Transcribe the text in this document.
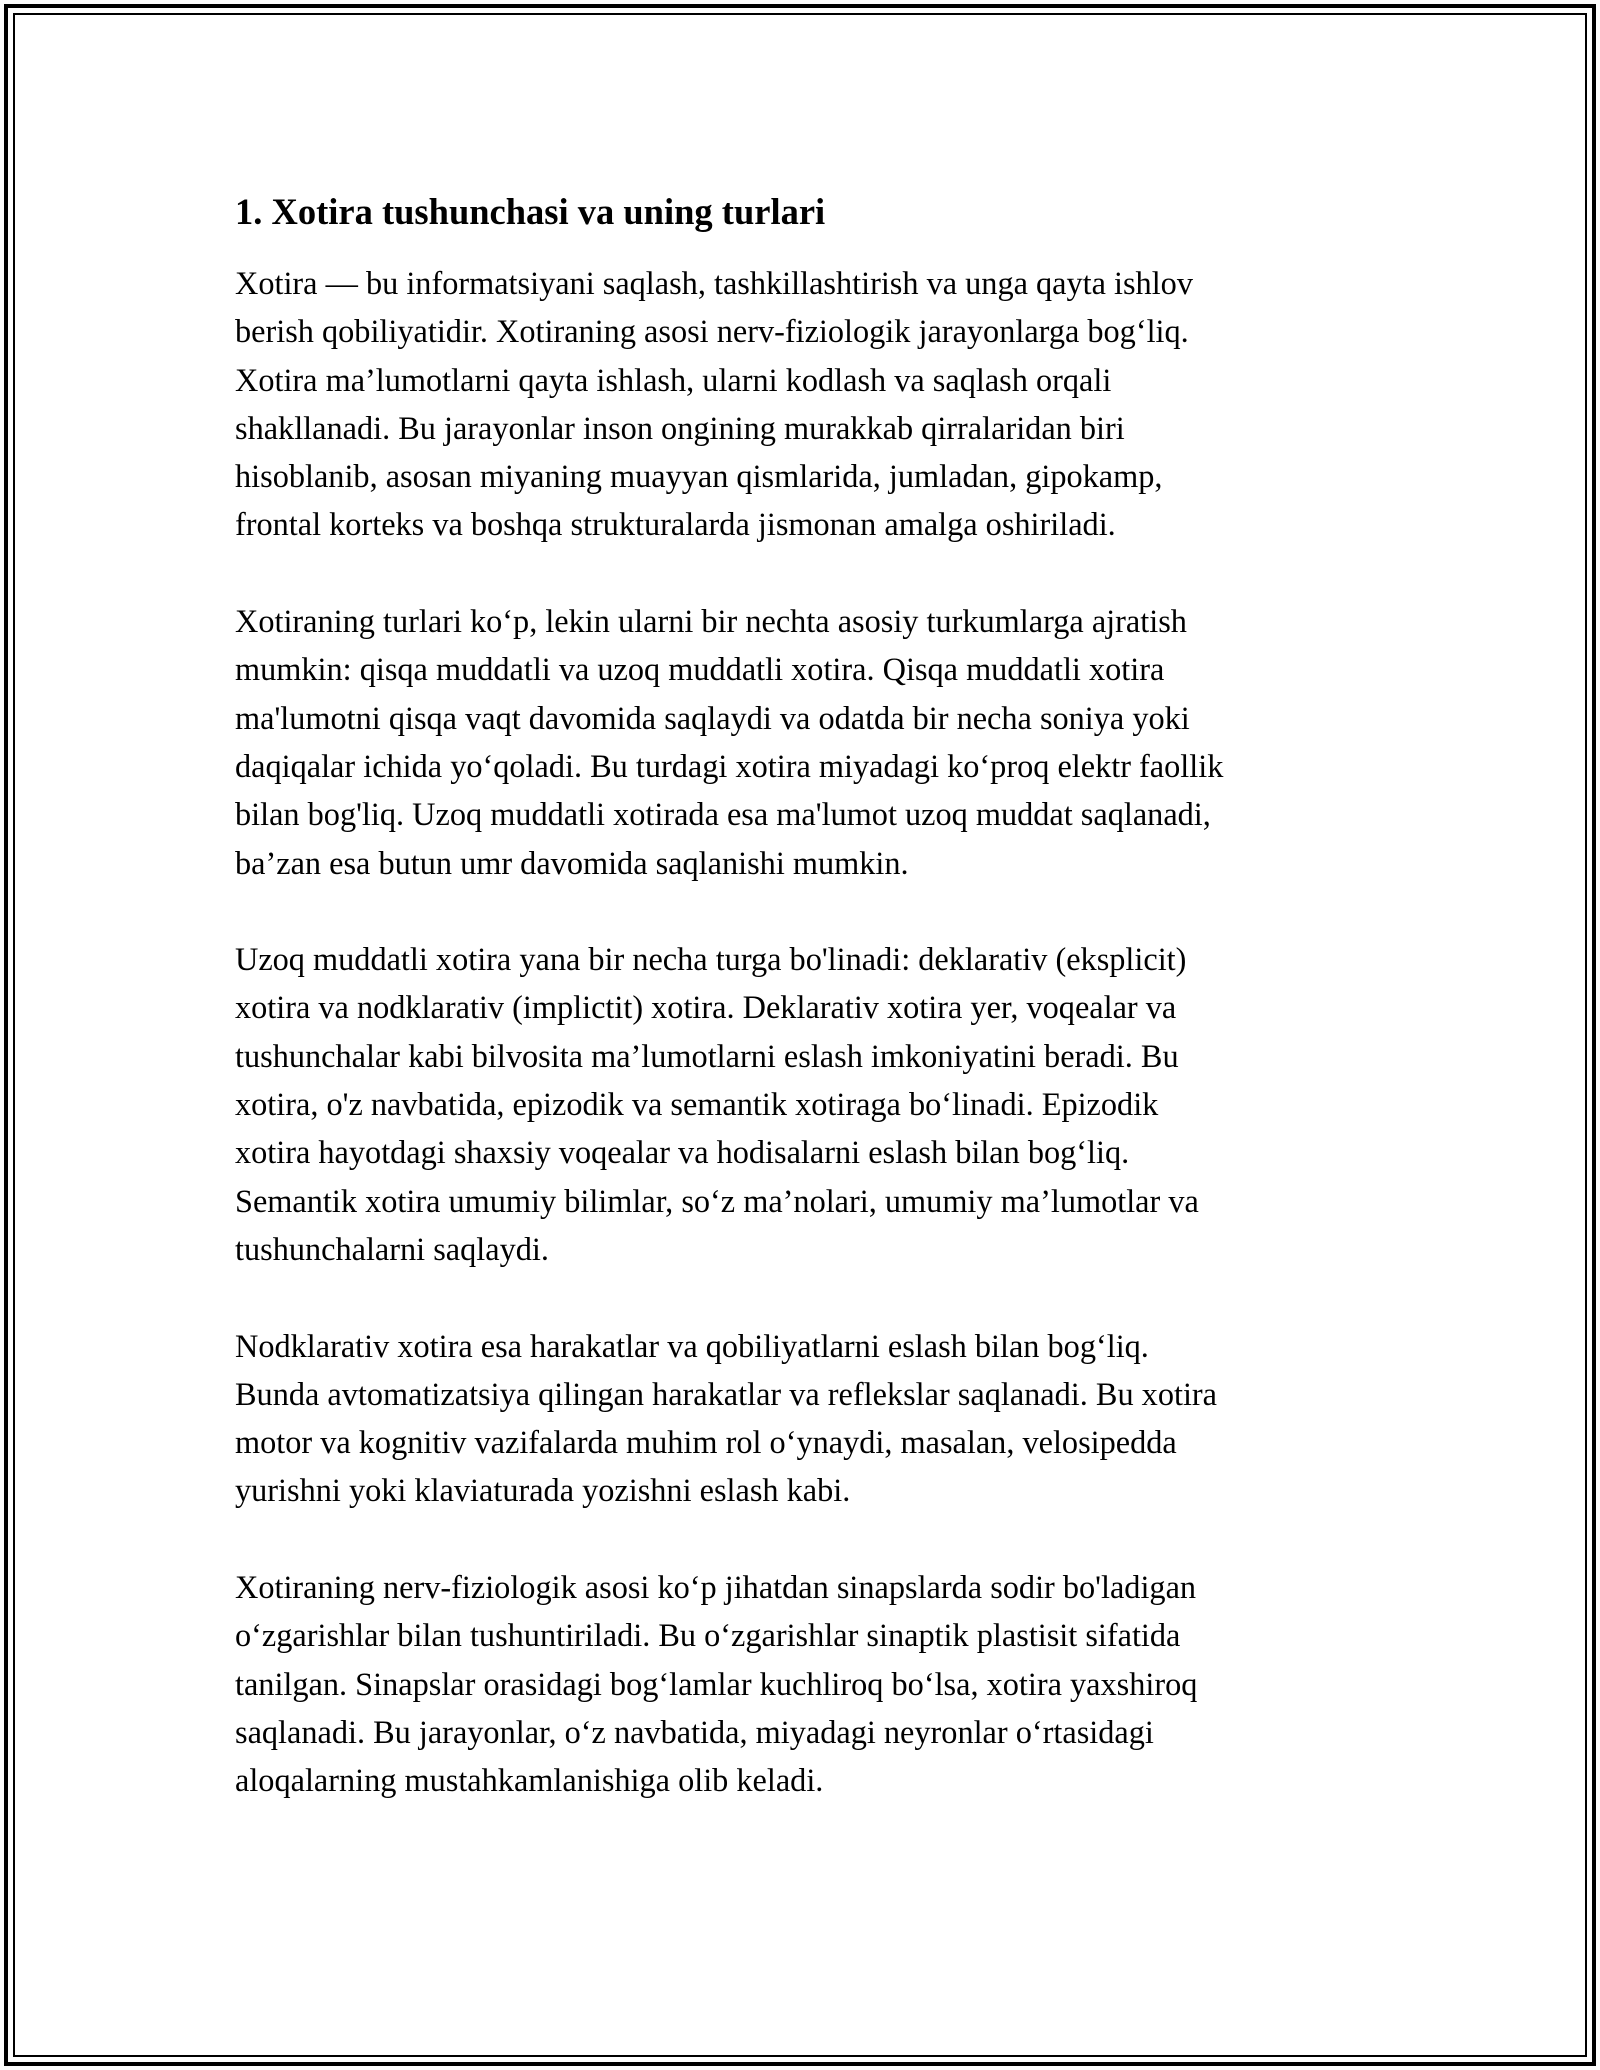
1. Xotira tushunchasi va uning turlari

Xotira — bu informatsiyani saqlash, tashkillashtirish va unga qayta ishlov
berish qobiliyatidir. Xotiraning asosi nerv-fiziologik jarayonlarga bog‘liq.
Xotira ma’lumotlarni qayta ishlash, ularni kodlash va saqlash orqali
shakllanadi. Bu jarayonlar inson ongining murakkab qirralaridan biri
hisoblanib, asosan miyaning muayyan qismlarida, jumladan, gipokamp,
frontal korteks va boshqa strukturalarda jismonan amalga oshiriladi.

Xotiraning turlari ko‘p, lekin ularni bir nechta asosiy turkumlarga ajratish
mumkin: qisqa muddatli va uzoq muddatli xotira. Qisqa muddatli xotira
ma'lumotni qisqa vaqt davomida saqlaydi va odatda bir necha soniya yoki
daqiqalar ichida yo‘qoladi. Bu turdagi xotira miyadagi ko‘proq elektr faollik
bilan bog'liq. Uzoq muddatli xotirada esa ma'lumot uzoq muddat saqlanadi,
ba’zan esa butun umr davomida saqlanishi mumkin.

Uzoq muddatli xotira yana bir necha turga bo'linadi: deklarativ (eksplicit)
xotira va nodklarativ (implictit) xotira. Deklarativ xotira yer, voqealar va
tushunchalar kabi bilvosita ma’lumotlarni eslash imkoniyatini beradi. Bu
xotira, o'z navbatida, epizodik va semantik xotiraga bo‘linadi. Epizodik
xotira hayotdagi shaxsiy voqealar va hodisalarni eslash bilan bog‘liq.
Semantik xotira umumiy bilimlar, so‘z ma’nolari, umumiy ma’lumotlar va
tushunchalarni saqlaydi.

Nodklarativ xotira esa harakatlar va qobiliyatlarni eslash bilan bog‘liq.
Bunda avtomatizatsiya qilingan harakatlar va reflekslar saqlanadi. Bu xotira
motor va kognitiv vazifalarda muhim rol o‘ynaydi, masalan, velosipedda
yurishni yoki klaviaturada yozishni eslash kabi.

Xotiraning nerv-fiziologik asosi ko‘p jihatdan sinapslarda sodir bo'ladigan
o‘zgarishlar bilan tushuntiriladi. Bu o‘zgarishlar sinaptik plastisit sifatida
tanilgan. Sinapslar orasidagi bog‘lamlar kuchliroq bo‘lsa, xotira yaxshiroq
saqlanadi. Bu jarayonlar, o‘z navbatida, miyadagi neyronlar o‘rtasidagi
aloqalarning mustahkamlanishiga olib keladi.
